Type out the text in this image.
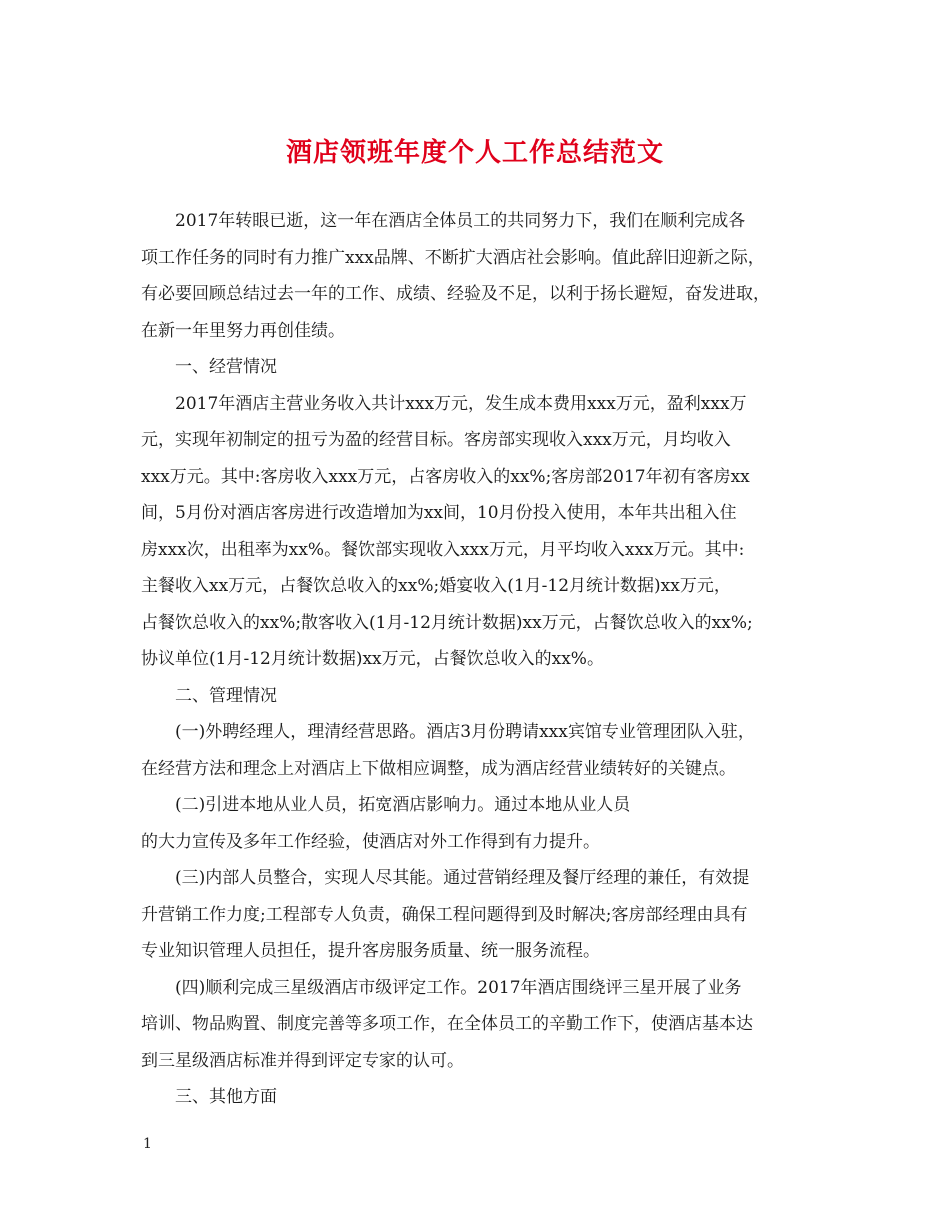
酒店领班年度个人工作总结范文
2017年转眼已逝，这一年在酒店全体员工的共同努力下，我们在顺利完成各
项工作任务的同时有力推广xxx品牌、不断扩大酒店社会影响。值此辞旧迎新之际，
有必要回顾总结过去一年的工作、成绩、经验及不足，以利于扬长避短，奋发进取，
在新一年里努力再创佳绩。
一、经营情况
2017年酒店主营业务收入共计xxx万元，发生成本费用xxx万元，盈利xxx万
元，实现年初制定的扭亏为盈的经营目标。客房部实现收入xxx万元，月均收入
xxx万元。其中:客房收入xxx万元，占客房收入的xx%;客房部2017年初有客房xx
间，5月份对酒店客房进行改造增加为xx间，10月份投入使用，本年共出租入住
房xxx次，出租率为xx%。餐饮部实现收入xxx万元，月平均收入xxx万元。其中:
主餐收入xx万元，占餐饮总收入的xx%;婚宴收入(1月-12月统计数据)xx万元，
占餐饮总收入的xx%;散客收入(1月-12月统计数据)xx万元，占餐饮总收入的xx%;
协议单位(1月-12月统计数据)xx万元，占餐饮总收入的xx%。
二、管理情况
(一)外聘经理人，理清经营思路。酒店3月份聘请xxx宾馆专业管理团队入驻，
在经营方法和理念上对酒店上下做相应调整，成为酒店经营业绩转好的关键点。
(二)引进本地从业人员，拓宽酒店影响力。通过本地从业人员
的大力宣传及多年工作经验，使酒店对外工作得到有力提升。
(三)内部人员整合，实现人尽其能。通过营销经理及餐厅经理的兼任，有效提
升营销工作力度;工程部专人负责，确保工程问题得到及时解决;客房部经理由具有
专业知识管理人员担任，提升客房服务质量、统一服务流程。
(四)顺利完成三星级酒店市级评定工作。2017年酒店围绕评三星开展了业务
培训、物品购置、制度完善等多项工作，在全体员工的辛勤工作下，使酒店基本达
到三星级酒店标准并得到评定专家的认可。
三、其他方面
1
